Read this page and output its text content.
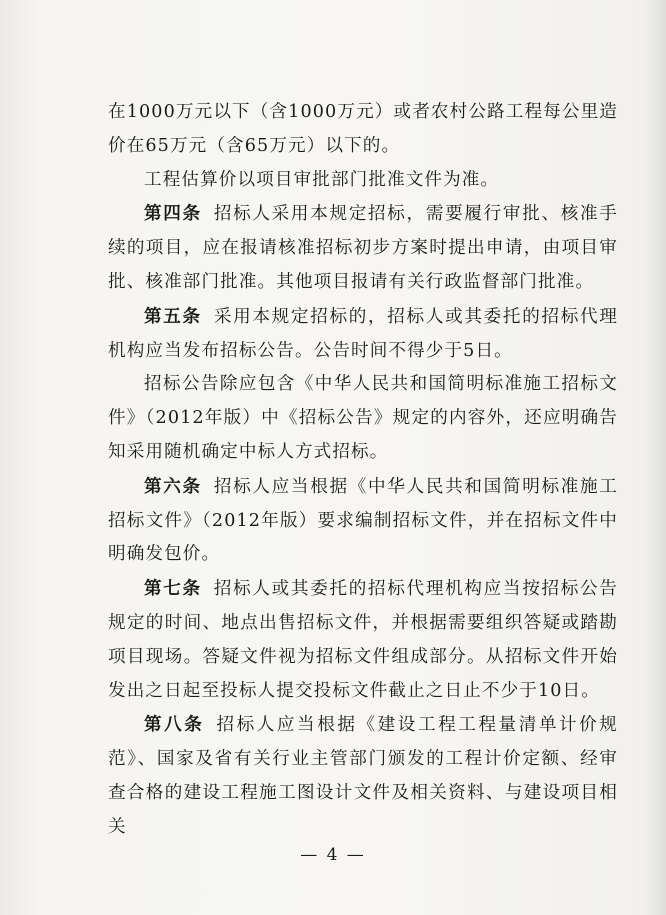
在1000万元以下（含1000万元）或者农村公路工程每公里造价在65万元（含65万元）以下的。

工程估算价以项目审批部门批准文件为准。

第四条 招标人采用本规定招标，需要履行审批、核准手续的项目，应在报请核准招标初步方案时提出申请，由项目审批、核准部门批准。其他项目报请有关行政监督部门批准。

第五条 采用本规定招标的，招标人或其委托的招标代理机构应当发布招标公告。公告时间不得少于5日。

招标公告除应包含《中华人民共和国简明标准施工招标文件》（2012年版）中《招标公告》规定的内容外，还应明确告知采用随机确定中标人方式招标。

第六条 招标人应当根据《中华人民共和国简明标准施工招标文件》（2012年版）要求编制招标文件，并在招标文件中明确发包价。

第七条 招标人或其委托的招标代理机构应当按招标公告规定的时间、地点出售招标文件，并根据需要组织答疑或踏勘项目现场。答疑文件视为招标文件组成部分。从招标文件开始发出之日起至投标人提交投标文件截止之日止不少于10日。

第八条 招标人应当根据《建设工程工程量清单计价规范》、国家及省有关行业主管部门颁发的工程计价定额、经审查合格的建设工程施工图设计文件及相关资料、与建设项目相关

— 4 —
